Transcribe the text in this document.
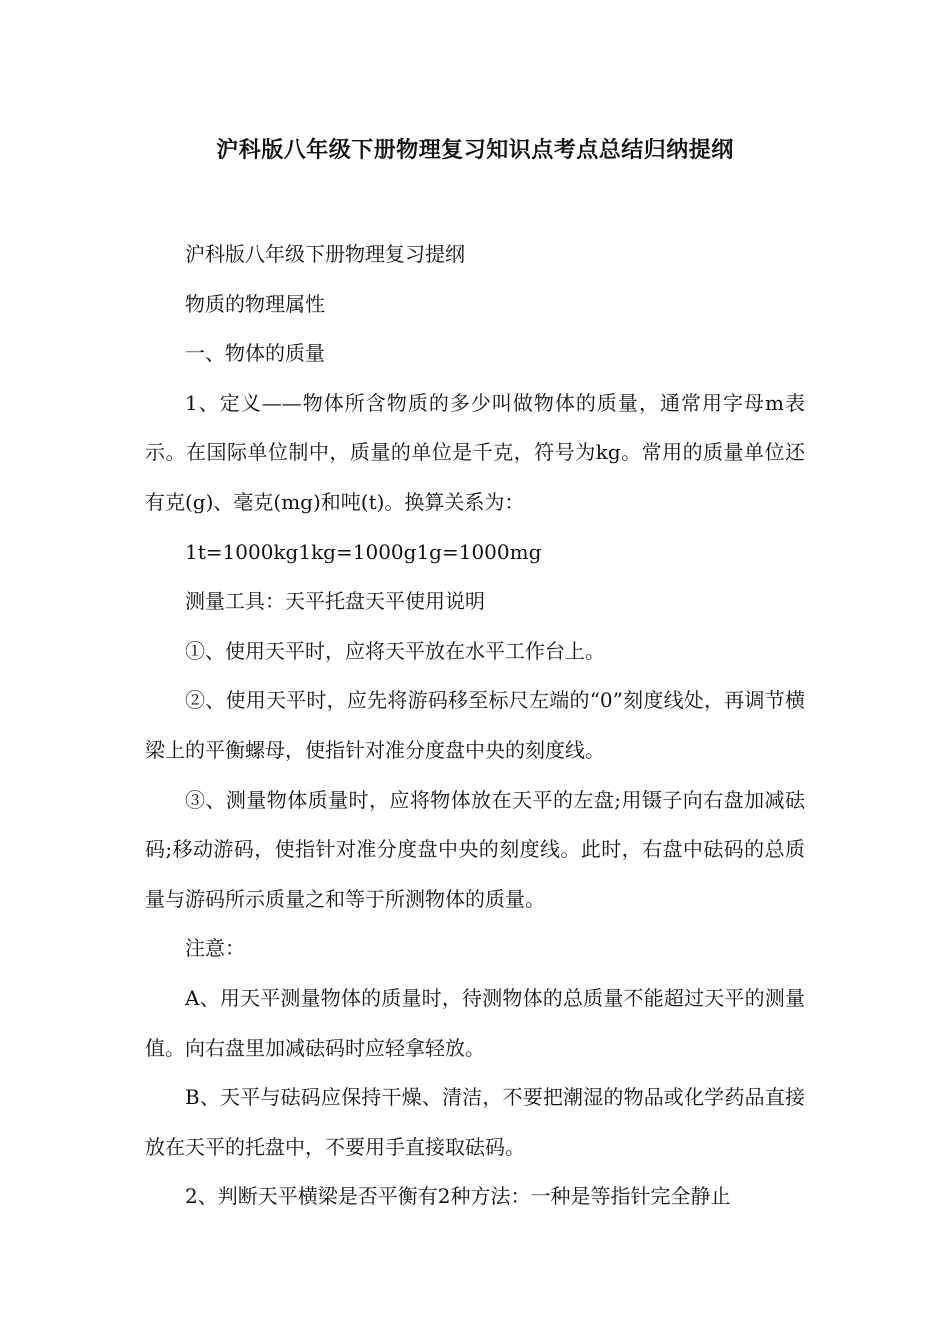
沪科版八年级下册物理复习知识点考点总结归纳提纲

沪科版八年级下册物理复习提纲

物质的物理属性

一、物体的质量

1、定义——物体所含物质的多少叫做物体的质量，通常用字母m表示。在国际单位制中，质量的单位是千克，符号为kg。常用的质量单位还有克(g)、毫克(mg)和吨(t)。换算关系为：

1t=1000kg1kg=1000g1g=1000mg

测量工具：天平托盘天平使用说明

①、使用天平时，应将天平放在水平工作台上。

②、使用天平时，应先将游码移至标尺左端的“0”刻度线处，再调节横梁上的平衡螺母，使指针对准分度盘中央的刻度线。

③、测量物体质量时，应将物体放在天平的左盘;用镊子向右盘加减砝码;移动游码，使指针对准分度盘中央的刻度线。此时，右盘中砝码的总质量与游码所示质量之和等于所测物体的质量。

注意：

A、用天平测量物体的质量时，待测物体的总质量不能超过天平的测量值。向右盘里加减砝码时应轻拿轻放。

B、天平与砝码应保持干燥、清洁，不要把潮湿的物品或化学药品直接放在天平的托盘中，不要用手直接取砝码。

2、判断天平横梁是否平衡有2种方法：一种是等指针完全静止
